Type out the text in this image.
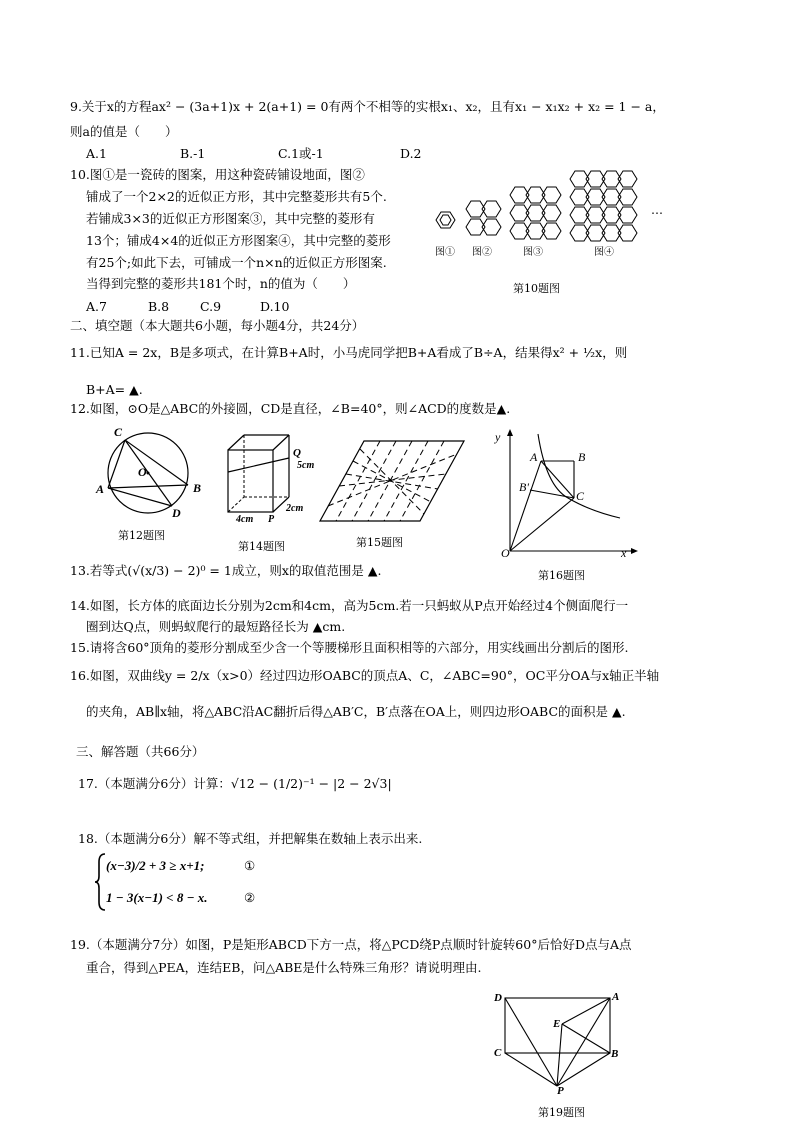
9.关于x的方程ax² − (3a+1)x + 2(a+1) = 0有两个不相等的实根x₁、x₂，且有x₁ − x₁x₂ + x₂ = 1 − a，
则a的值是（　　）
A.1	B.-1	C.1或-1	D.2
10.图①是一瓷砖的图案，用这种瓷砖铺设地面，图②
铺成了一个2×2的近似正方形，其中完整菱形共有5个.
若铺成3×3的近似正方形图案③，其中完整的菱形有
13个；铺成4×4的近似正方形图案④，其中完整的菱形
有25个;如此下去，可铺成一个n×n的近似正方形图案.
当得到完整的菱形共181个时，n的值为（　　）
A.7	B.8 C.9	D.10
…
图① 图②	图③	图④
第10题图
二、填空题（本大题共6小题，每小题4分，共24分）
11.已知A = 2x，B是多项式，在计算B+A时，小马虎同学把B+A看成了B÷A，结果得x² + ½x，则
B+A= ▲.
12.如图，⊙O是△ABC的外接圆，CD是直径，∠B=40°，则∠ACD的度数是▲.
C
O
A	B
D
第12题图
Q
5cm
2cm
4cm P
第14题图	第15题图
y
A	B
B'
C
O	x
第16题图
13.若等式(√(x/3) − 2)⁰ = 1成立，则x的取值范围是 ▲.
14.如图，长方体的底面边长分别为2cm和4cm，高为5cm.若一只蚂蚁从P点开始经过4个侧面爬行一
圈到达Q点，则蚂蚁爬行的最短路径长为 ▲cm.
15.请将含60°顶角的菱形分割成至少含一个等腰梯形且面积相等的六部分，用实线画出分割后的图形.
16.如图，双曲线y = 2/x（x>0）经过四边形OABC的顶点A、C，∠ABC=90°，OC平分OA与x轴正半轴
的夹角，AB∥x轴，将△ABC沿AC翻折后得△AB′C，B′点落在OA上，则四边形OABC的面积是 ▲.
三、解答题（共66分）
17.（本题满分6分）计算：√12 − (1/2)⁻¹ − |2 − 2√3|
18.（本题满分6分）解不等式组，并把解集在数轴上表示出来.
(x−3)/2 + 3 ≥ x+1;	①
1 − 3(x−1) < 8 − x.	②
19.（本题满分7分）如图，P是矩形ABCD下方一点，将△PCD绕P点顺时针旋转60°后恰好D点与A点
重合，得到△PEA，连结EB，问△ABE是什么特殊三角形？请说明理由.
D	A
E
C	B
P
第19题图
